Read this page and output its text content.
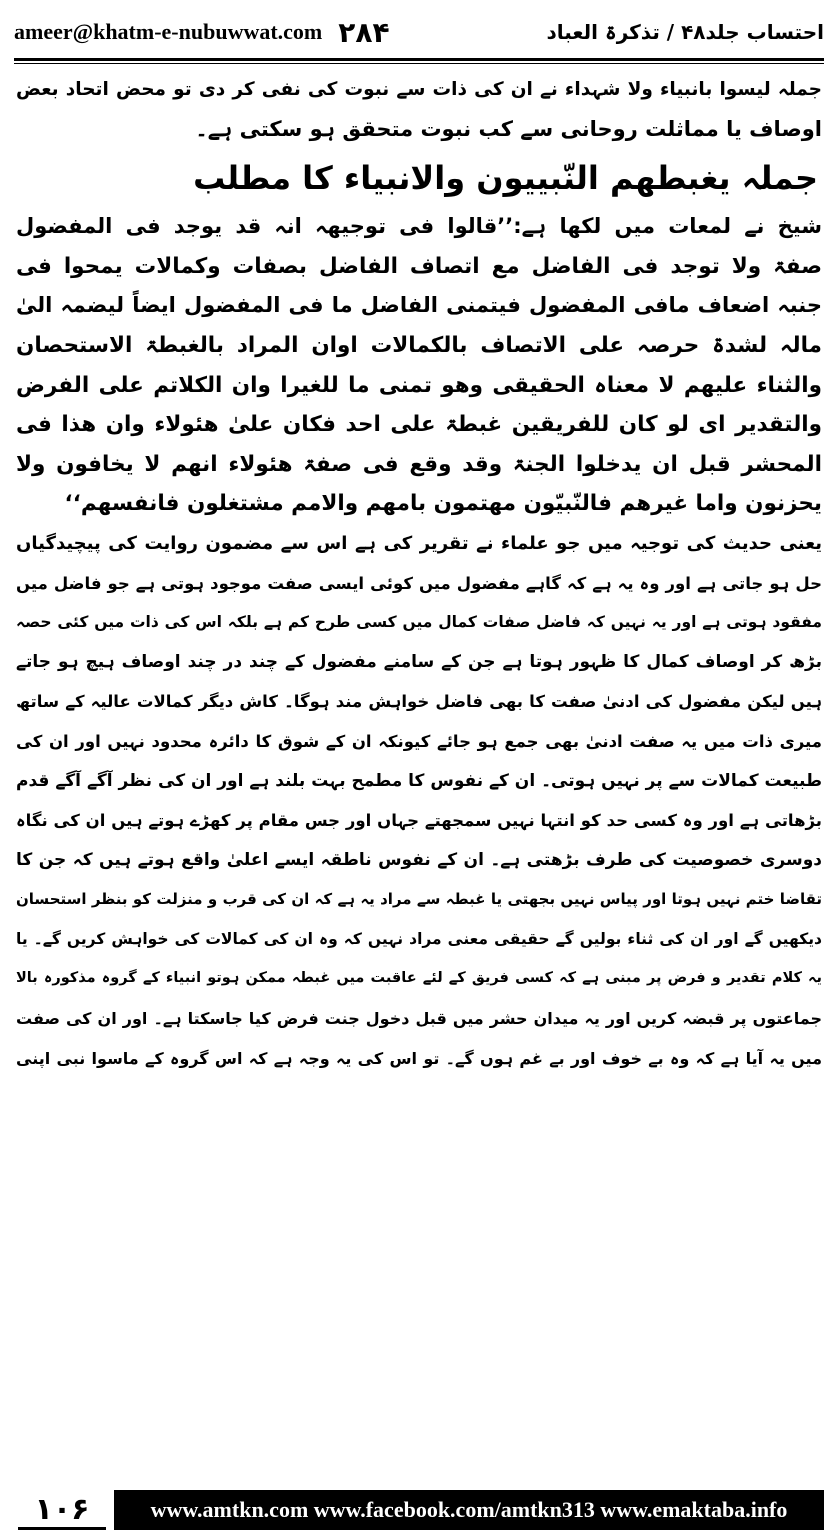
ameer@khatm-e-nubuwwat.com ۲۸۴	احتساب جلد۴۸ / تذکرۃ العباد
جملہ لیسوا بانبیاء ولا شہداء نے ان کی ذات سے نبوت کی نفی کر دی تو محض اتحاد بعض
اوصاف یا مماثلت روحانی سے کب نبوت متحقق ہو سکتی ہے۔
جملہ یغبطھم النّبییون والانبیاء کا مطلب
شیخ نے لمعات میں لکھا ہے:’’قالوا فی توجیھہ انہ قد یوجد فی المفضول
صفۃ ولا توجد فی الفاضل مع اتصاف الفاضل بصفات وکمالات یمحوا فی
جنبہ اضعاف مافی المفضول فیتمنی الفاضل ما فی المفضول ایضاً لیضمہ الیٰ
مالہ لشدۃ حرصہ علی الاتصاف بالکمالات اوان المراد بالغبطۃ الاستحصان
والثناء علیھم لا معناہ الحقیقی وھو تمنی ما للغیرا وان الکلاتم علی الفرض
والتقدیر ای لو کان للفریقین غبطۃ علی احد فکان علیٰ ھئولاء وان ھذا فی
المحشر قبل ان یدخلوا الجنۃ وقد وقع فی صفۃ ھئولاء انھم لا یخافون ولا
یحزنون واما غیرھم فالنّبیّون مھتمون بامھم والامم مشتغلون فانفسھم‘‘
یعنی حدیث کی توجیہ میں جو علماء نے تقریر کی ہے اس سے مضمون روایت کی پیچیدگیاں
حل ہو جاتی ہے اور وہ یہ ہے کہ گاہے مفضول میں کوئی ایسی صفت موجود ہوتی ہے جو فاضل میں
مفقود ہوتی ہے اور یہ نہیں کہ فاضل صفات کمال میں کسی طرح کم ہے بلکہ اس کی ذات میں کئی حصہ
بڑھ کر اوصاف کمال کا ظہور ہوتا ہے جن کے سامنے مفضول کے چند در چند اوصاف ہیچ ہو جاتے
ہیں لیکن مفضول کی ادنیٰ صفت کا بھی فاضل خواہش مند ہوگا۔ کاش دیگر کمالات عالیہ کے ساتھ
میری ذات میں یہ صفت ادنیٰ بھی جمع ہو جائے کیونکہ ان کے شوق کا دائرہ محدود نہیں اور ان کی
طبیعت کمالات سے پر نہیں ہوتی۔ ان کے نفوس کا مطمح بہت بلند ہے اور ان کی نظر آگے آگے قدم
بڑھاتی ہے اور وہ کسی حد کو انتہا نہیں سمجھتے جہاں اور جس مقام پر کھڑے ہوتے ہیں ان کی نگاہ
دوسری خصوصیت کی طرف بڑھتی ہے۔ ان کے نفوس ناطقہ ایسے اعلیٰ واقع ہوتے ہیں کہ جن کا
تقاضا ختم نہیں ہوتا اور پیاس نہیں بجھتی یا غبطہ سے مراد یہ ہے کہ ان کی قرب و منزلت کو بنظر استحسان
دیکھیں گے اور ان کی ثناء بولیں گے حقیقی معنی مراد نہیں کہ وہ ان کی کمالات کی خواہش کریں گے۔ یا
یہ کلام تقدیر و فرض پر مبنی ہے کہ کسی فریق کے لئے عاقبت میں غبطہ ممکن ہوتو انبیاء کے گروہ مذکورہ بالا
جماعتوں پر قبضہ کریں اور یہ میدان حشر میں قبل دخول جنت فرض کیا جاسکتا ہے۔ اور ان کی صفت
میں یہ آیا ہے کہ وہ بے خوف اور بے غم ہوں گے۔ تو اس کی یہ وجہ ہے کہ اس گروہ کے ماسوا نبی اپنی
۱۰۶	www.amtkn.com www.facebook.com/amtkn313 www.emaktaba.info
